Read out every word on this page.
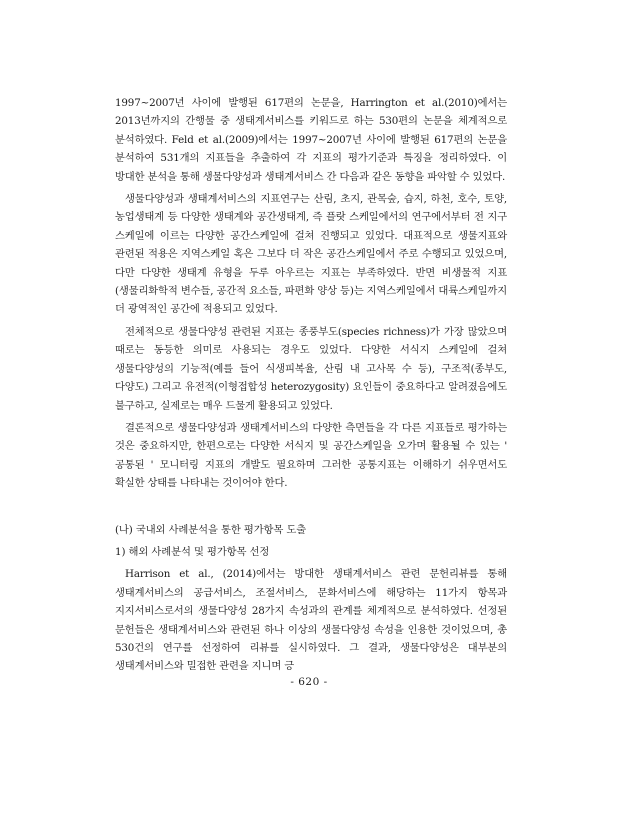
1997~2007년 사이에 발행된 617편의 논문을, Harrington et al.(2010)에서는 2013년까지의 간행물 중 생태계서비스를 키워드로 하는 530편의 논문을 체계적으로 분석하였다. Feld et al.(2009)에서는 1997~2007년 사이에 발행된 617편의 논문을 분석하여 531개의 지표들을 추출하여 각 지표의 평가기준과 특징을 정리하였다. 이 방대한 분석을 통해 생물다양성과 생태계서비스 간 다음과 같은 동향을 파악할 수 있었다.

생물다양성과 생태계서비스의 지표연구는 산림, 초지, 관목숲, 습지, 하천, 호수, 토양, 농업생태계 등 다양한 생태계와 공간생태계, 즉 플랏 스케일에서의 연구에서부터 전 지구 스케일에 이르는 다양한 공간스케일에 걸쳐 진행되고 있었다. 대표적으로 생물지표와 관련된 적용은 지역스케일 혹은 그보다 더 작은 공간스케일에서 주로 수행되고 있었으며, 다만 다양한 생태계 유형을 두루 아우르는 지표는 부족하였다. 반면 비생물적 지표(생물리화학적 변수들, 공간적 요소들, 파편화 양상 등)는 지역스케일에서 대륙스케일까지 더 광역적인 공간에 적용되고 있었다.

전체적으로 생물다양성 관련된 지표는 종풍부도(species richness)가 가장 많았으며 때로는 동등한 의미로 사용되는 경우도 있었다. 다양한 서식지 스케일에 걸쳐 생물다양성의 기능적(예를 들어 식생피복율, 산림 내 고사목 수 등), 구조적(종부도, 다양도) 그리고 유전적(이형접합성 heterozygosity) 요인들이 중요하다고 알려졌음에도 불구하고, 실제로는 매우 드물게 활용되고 있었다.

결론적으로 생물다양성과 생태계서비스의 다양한 측면들을 각 다른 지표들로 평가하는 것은 중요하지만, 한편으로는 다양한 서식지 및 공간스케일을 오가며 활용될 수 있는 ' 공통된 ' 모니터링 지표의 개발도 필요하며 그러한 공통지표는 이해하기 쉬우면서도 확실한 상태를 나타내는 것이어야 한다.

(나) 국내외 사례분석을 통한 평가항목 도출

1) 해외 사례분석 및 평가항목 선정

Harrison et al., (2014)에서는 방대한 생태계서비스 관련 문헌리뷰를 통해 생태계서비스의 공급서비스, 조절서비스, 문화서비스에 해당하는 11가지 항목과 지지서비스로서의 생물다양성 28가지 속성과의 관계를 체계적으로 분석하였다. 선정된 문헌들은 생태계서비스와 관련된 하나 이상의 생물다양성 속성을 인용한 것이었으며, 총 530건의 연구를 선정하여 리뷰를 실시하였다. 그 결과, 생물다양성은 대부분의 생태계서비스와 밀접한 관련을 지니며 긍

- 620 -
